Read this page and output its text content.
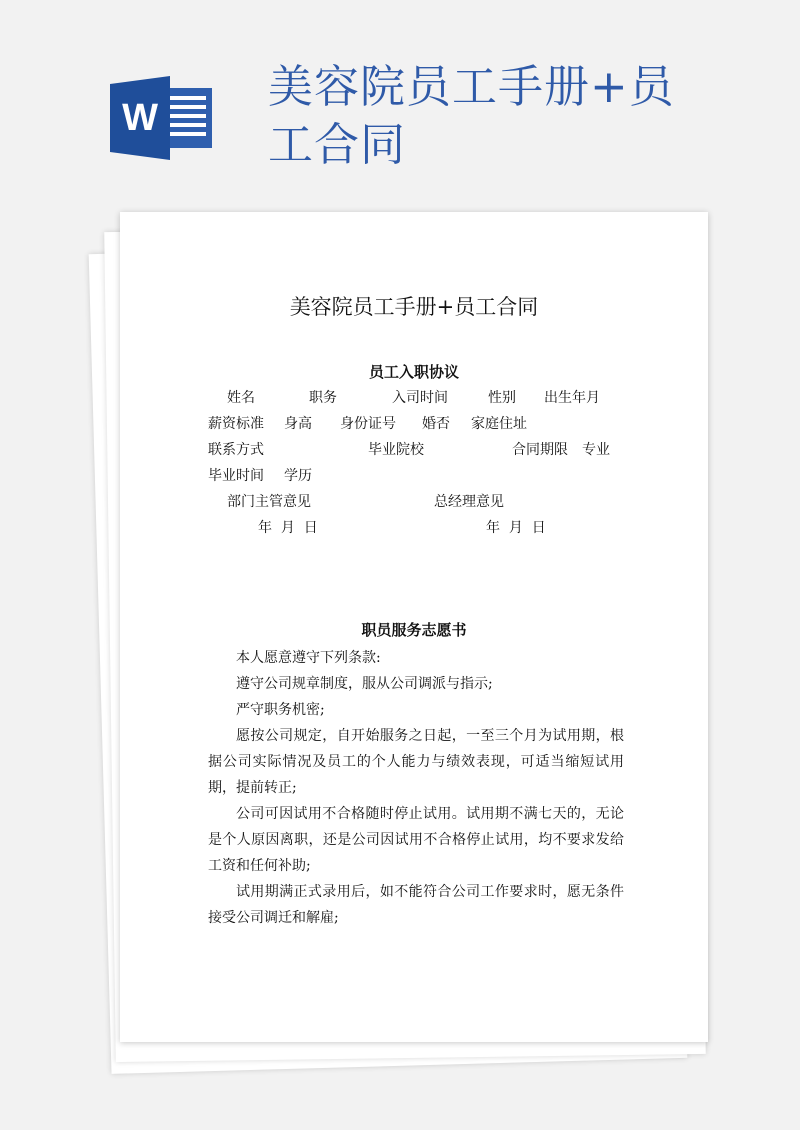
W
美容院员工手册+员工合同
美容院员工手册+员工合同
员工入职协议
姓名	职务	入司时间	性别 出生年月
薪资标准 身高 身份证号 婚否 家庭住址
联系方式	毕业院校	合同期限 专业
毕业时间 学历
部门主管意见	总经理意见
年  月  日	年  月  日
职员服务志愿书
本人愿意遵守下列条款:
遵守公司规章制度，服从公司调派与指示;
严守职务机密;
愿按公司规定，自开始服务之日起，一至三个月为试用期，根据公司实际情况及员工的个人能力与绩效表现，可适当缩短试用期，提前转正;
公司可因试用不合格随时停止试用。试用期不满七天的，无论是个人原因离职，还是公司因试用不合格停止试用，均不要求发给工资和任何补助;
试用期满正式录用后，如不能符合公司工作要求时，愿无条件接受公司调迁和解雇;
